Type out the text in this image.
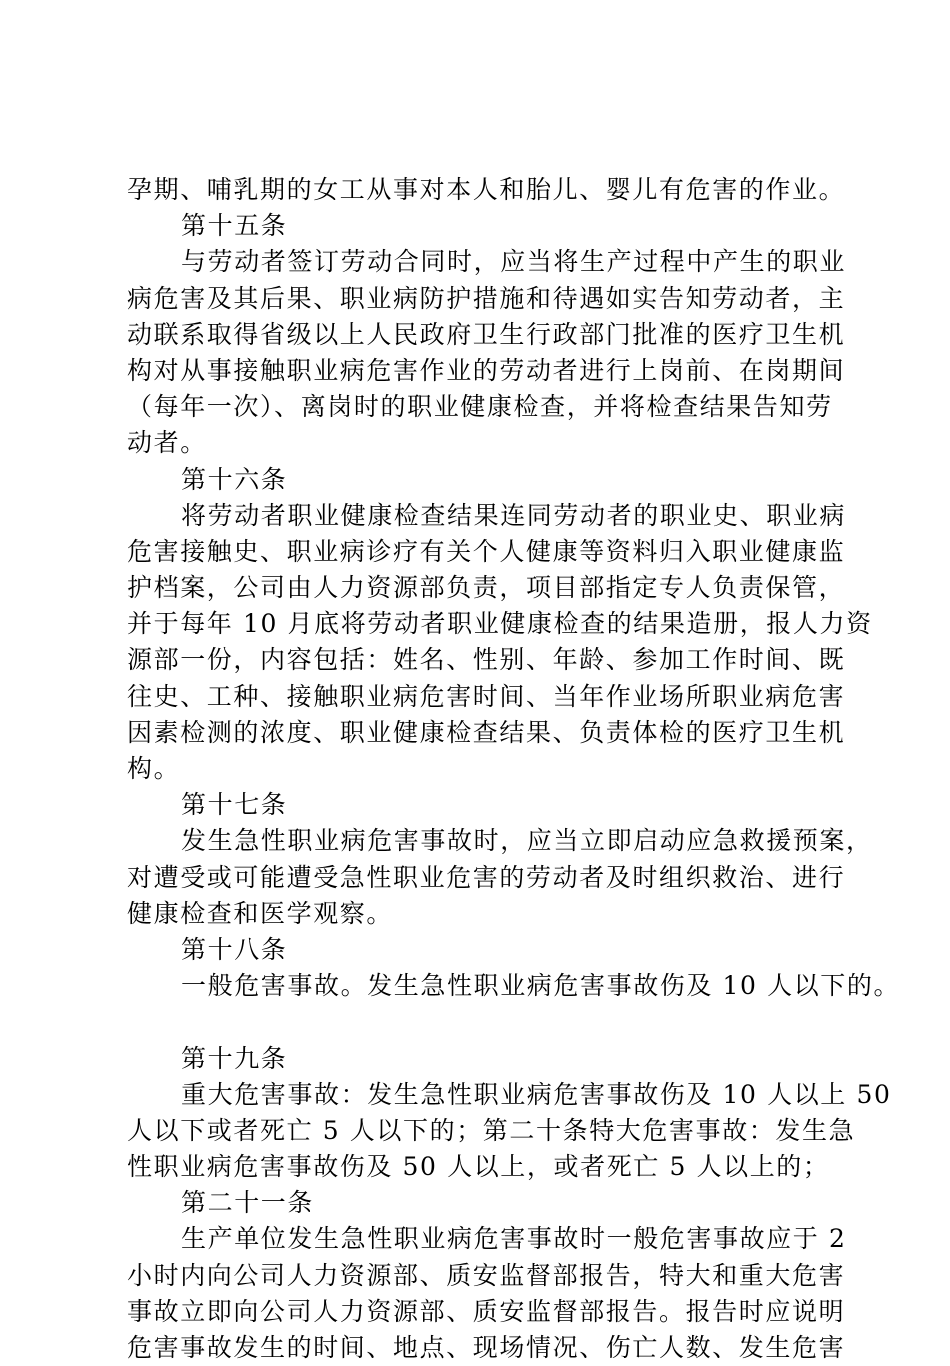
孕期、哺乳期的女工从事对本人和胎儿、婴儿有危害的作业。
第十五条
与劳动者签订劳动合同时，应当将生产过程中产生的职业
病危害及其后果、职业病防护措施和待遇如实告知劳动者，主
动联系取得省级以上人民政府卫生行政部门批准的医疗卫生机
构对从事接触职业病危害作业的劳动者进行上岗前、在岗期间
（每年一次）、离岗时的职业健康检查，并将检查结果告知劳
动者。
第十六条
将劳动者职业健康检查结果连同劳动者的职业史、职业病
危害接触史、职业病诊疗有关个人健康等资料归入职业健康监
护档案，公司由人力资源部负责，项目部指定专人负责保管，
并于每年 10 月底将劳动者职业健康检查的结果造册，报人力资
源部一份，内容包括：姓名、性别、年龄、参加工作时间、既
往史、工种、接触职业病危害时间、当年作业场所职业病危害
因素检测的浓度、职业健康检查结果、负责体检的医疗卫生机
构。
第十七条
发生急性职业病危害事故时，应当立即启动应急救援预案，
对遭受或可能遭受急性职业危害的劳动者及时组织救治、进行
健康检查和医学观察。
第十八条
一般危害事故。发生急性职业病危害事故伤及 10 人以下的。
第十九条
重大危害事故：发生急性职业病危害事故伤及 10 人以上 50
人以下或者死亡 5 人以下的；第二十条特大危害事故：发生急
性职业病危害事故伤及 50 人以上，或者死亡 5 人以上的；
第二十一条
生产单位发生急性职业病危害事故时一般危害事故应于 2
小时内向公司人力资源部、质安监督部报告，特大和重大危害
事故立即向公司人力资源部、质安监督部报告。报告时应说明
危害事故发生的时间、地点、现场情况、伤亡人数、发生危害
